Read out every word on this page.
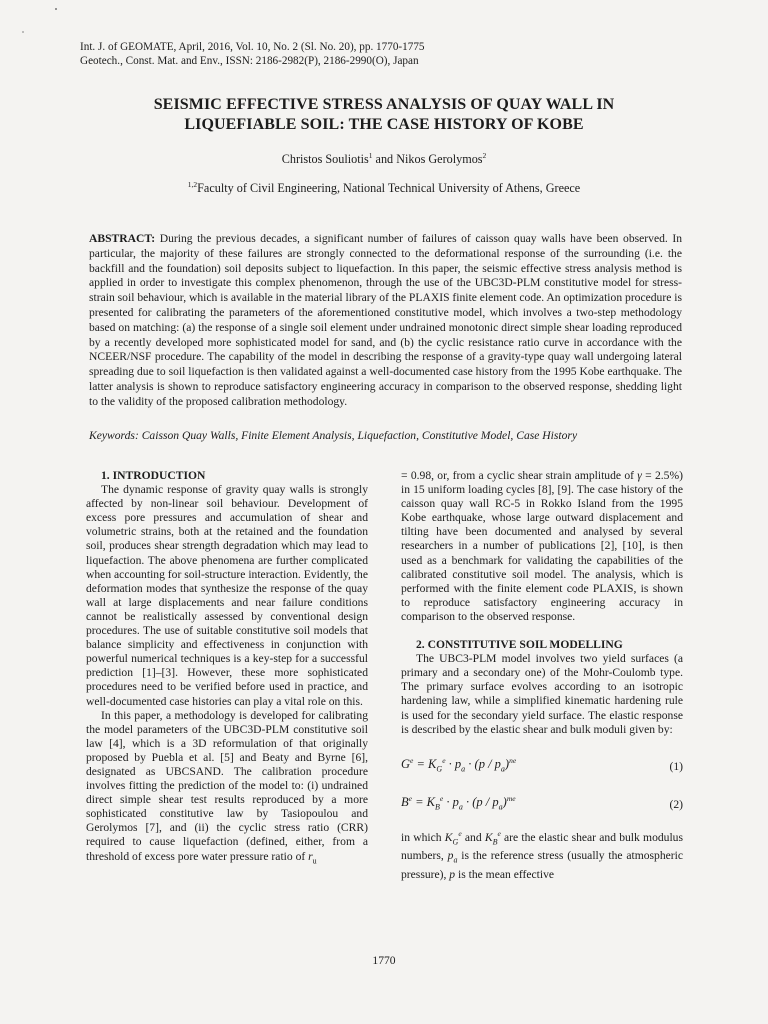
Int. J. of GEOMATE, April, 2016, Vol. 10, No. 2 (Sl. No. 20), pp. 1770-1775
Geotech., Const. Mat. and Env., ISSN: 2186-2982(P), 2186-2990(O), Japan
SEISMIC EFFECTIVE STRESS ANALYSIS OF QUAY WALL IN
LIQUEFIABLE SOIL: THE CASE HISTORY OF KOBE
Christos Souliotis$^1$ and Nikos Gerolymos$^2$
$^{1,2}$Faculty of Civil Engineering, National Technical University of Athens, Greece
ABSTRACT: During the previous decades, a significant number of failures of caisson quay walls have been observed. In particular, the majority of these failures are strongly connected to the deformational response of the surrounding (i.e. the backfill and the foundation) soil deposits subject to liquefaction. In this paper, the seismic effective stress analysis method is applied in order to investigate this complex phenomenon, through the use of the UBC3D-PLM constitutive model for stress-strain soil behaviour, which is available in the material library of the PLAXIS finite element code. An optimization procedure is presented for calibrating the parameters of the aforementioned constitutive model, which involves a two-step methodology based on matching: (a) the response of a single soil element under undrained monotonic direct simple shear loading reproduced by a recently developed more sophisticated model for sand, and (b) the cyclic resistance ratio curve in accordance with the NCEER/NSF procedure. The capability of the model in describing the response of a gravity-type quay wall undergoing lateral spreading due to soil liquefaction is then validated against a well-documented case history from the 1995 Kobe earthquake. The latter analysis is shown to reproduce satisfactory engineering accuracy in comparison to the observed response, shedding light to the validity of the proposed calibration methodology.
Keywords: Caisson Quay Walls, Finite Element Analysis, Liquefaction, Constitutive Model, Case History

1. INTRODUCTION

The dynamic response of gravity quay walls is strongly affected by non-linear soil behaviour. Development of excess pore pressures and accumulation of shear and volumetric strains, both at the retained and the foundation soil, produces shear strength degradation which may lead to liquefaction. The above phenomena are further complicated when accounting for soil-structure interaction. Evidently, the deformation modes that synthesize the response of the quay wall at large displacements and near failure conditions cannot be realistically assessed by conventional design procedures. The use of suitable constitutive soil models that balance simplicity and effectiveness in conjunction with powerful numerical techniques is a key-step for a successful prediction [1]–[3]. However, these more sophisticated procedures need to be verified before used in practice, and well-documented case histories can play a vital role on this.

In this paper, a methodology is developed for calibrating the model parameters of the UBC3D-PLM constitutive soil law [4], which is a 3D reformulation of that originally proposed by Puebla et al. [5] and Beaty and Byrne [6], designated as UBCSAND. The calibration procedure involves fitting the prediction of the model to: (i) undrained direct simple shear test results reproduced by a more sophisticated constitutive law by Tasiopoulou and Gerolymos [7], and (ii) the cyclic stress ratio (CRR) required to cause liquefaction (defined, either, from a threshold of excess pore water pressure ratio of $r_u$

= 0.98, or, from a cyclic shear strain amplitude of γ = 2.5%) in 15 uniform loading cycles [8], [9]. The case history of the caisson quay wall RC-5 in Rokko Island from the 1995 Kobe earthquake, whose large outward displacement and tilting have been documented and analysed by several researchers in a number of publications [2], [10], is then used as a benchmark for validating the capabilities of the calibrated constitutive soil model. The analysis, which is performed with the finite element code PLAXIS, is shown to reproduce satisfactory engineering accuracy in comparison to the observed response.

2. CONSTITUTIVE SOIL MODELLING

The UBC3-PLM model involves two yield surfaces (a primary and a secondary one) of the Mohr-Coulomb type. The primary surface evolves according to an isotropic hardening law, while a simplified kinematic hardening rule is used for the secondary yield surface. The elastic response is described by the elastic shear and bulk moduli given by:

$G^e = K_G^e \cdot p_a \cdot (p / p_a)^{ne}$	(1)
$B^e = K_B^e \cdot p_a \cdot (p / p_a)^{me}$	(2)

in which $K_G^e$ and $K_B^e$ are the elastic shear and bulk modulus numbers, $p_a$ is the reference stress (usually the atmospheric pressure), p is the mean effective

1770
